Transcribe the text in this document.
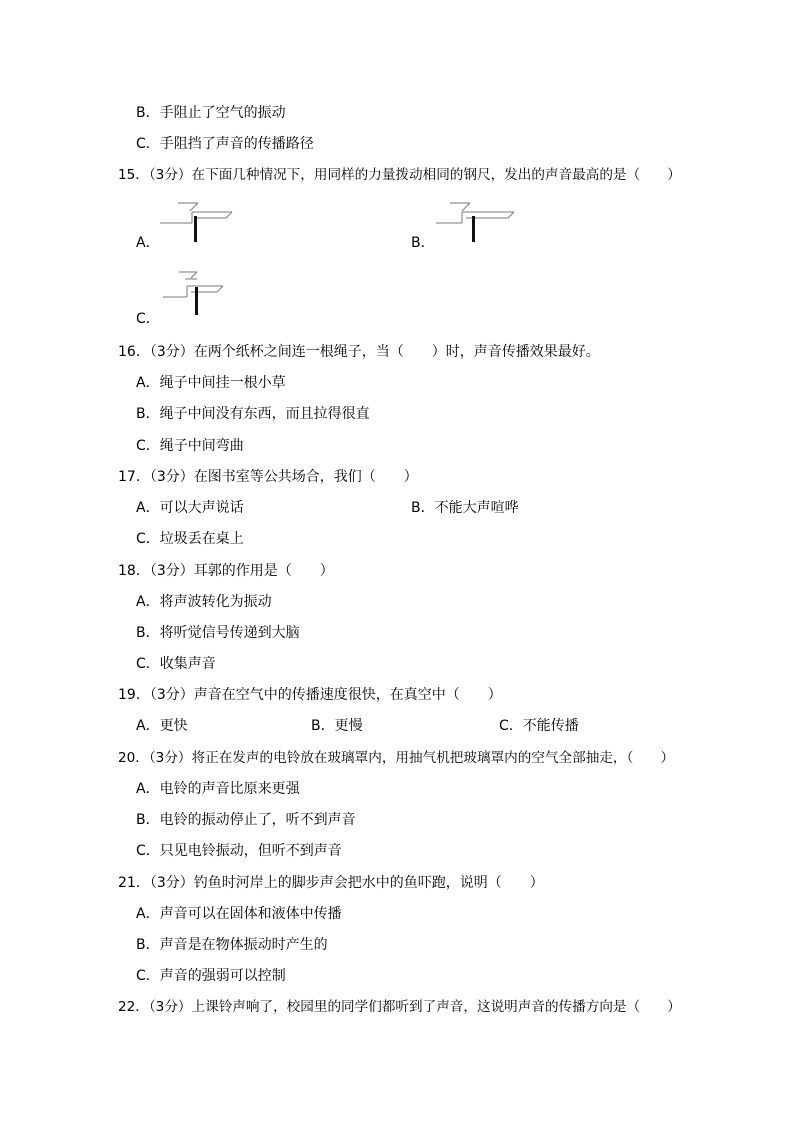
B．手阻止了空气的振动
C．手阻挡了声音的传播路径
15．（3分）在下面几种情况下，用同样的力量拨动相同的钢尺，发出的声音最高的是（　　）
A．	B．
C．
16．（3分）在两个纸杯之间连一根绳子，当（　　）时，声音传播效果最好。
A．绳子中间挂一根小草
B．绳子中间没有东西，而且拉得很直
C．绳子中间弯曲
17．（3分）在图书室等公共场合，我们（　　）
A．可以大声说话	B．不能大声喧哗
C．垃圾丢在桌上
18．（3分）耳郭的作用是（　　）
A．将声波转化为振动
B．将听觉信号传递到大脑
C．收集声音
19．（3分）声音在空气中的传播速度很快，在真空中（　　）
A．更快	B．更慢	C．不能传播
20．（3分）将正在发声的电铃放在玻璃罩内，用抽气机把玻璃罩内的空气全部抽走，（　　）
A．电铃的声音比原来更强
B．电铃的振动停止了，听不到声音
C．只见电铃振动，但听不到声音
21．（3分）钓鱼时河岸上的脚步声会把水中的鱼吓跑，说明（　　）
A．声音可以在固体和液体中传播
B．声音是在物体振动时产生的
C．声音的强弱可以控制
22．（3分）上课铃声响了，校园里的同学们都听到了声音，这说明声音的传播方向是（　　）
